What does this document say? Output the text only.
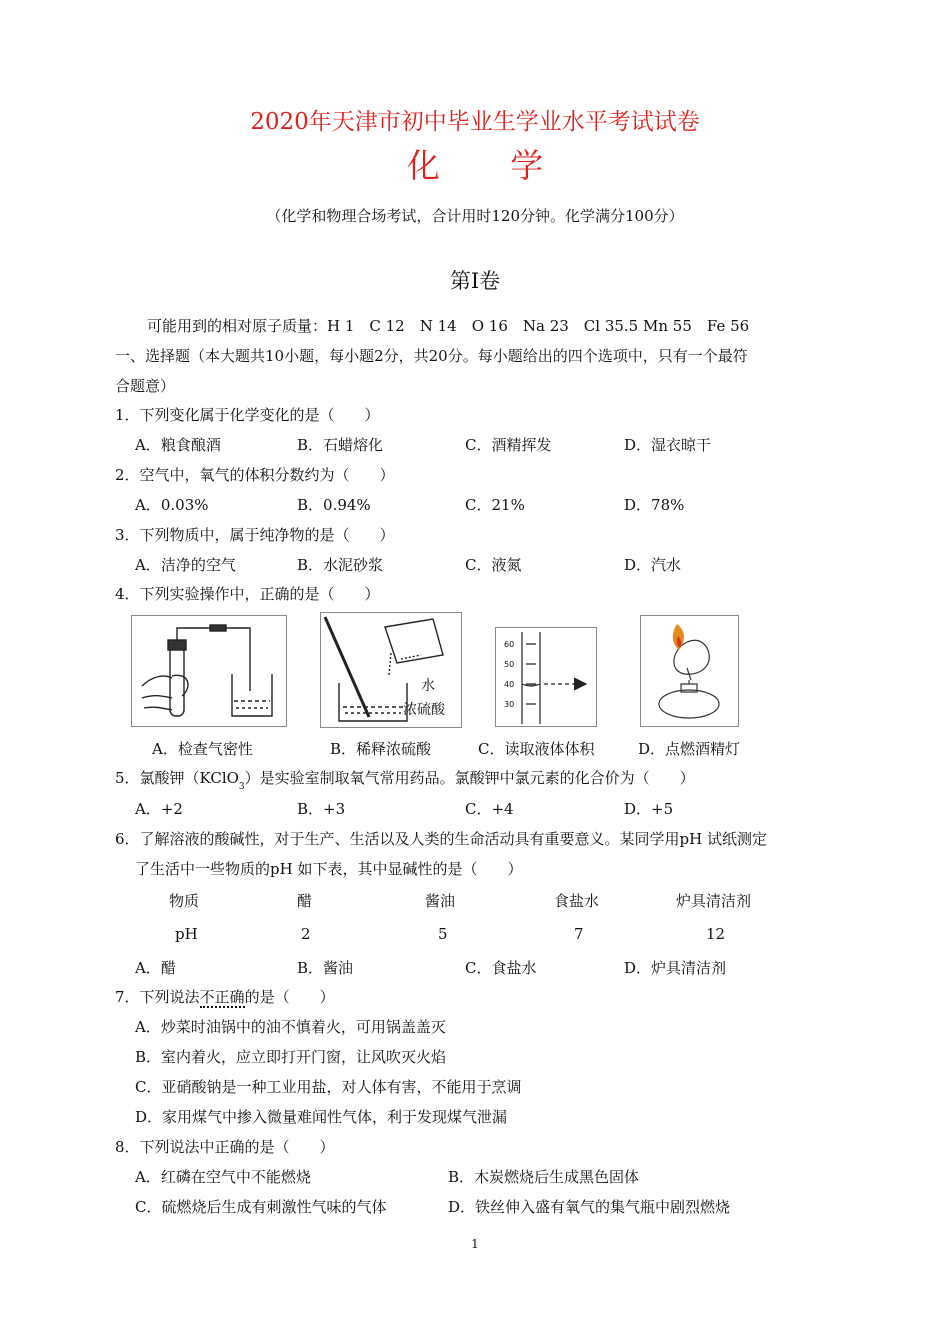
2020年天津市初中毕业生学业水平考试试卷
化 学
（化学和物理合场考试，合计用时120分钟。化学满分100分）
第Ⅰ卷
可能用到的相对原子质量：H 1　C 12　N 14　O 16　Na 23　Cl 35.5 Mn 55　Fe 56
一、选择题（本大题共10小题，每小题2分，共20分。每小题给出的四个选项中，只有一个最符
合题意）
1．下列变化属于化学变化的是（　　）
A．粮食酿酒	B．石蜡熔化	C．酒精挥发	D．湿衣晾干
2．空气中，氧气的体积分数约为（　　）
A．0.03%	B．0.94%	C．21%	D．78%
3．下列物质中，属于纯净物的是（　　）
A．洁净的空气	B．水泥砂浆	C．液氮	D．汽水
4．下列实验操作中，正确的是（　　）
水
浓硫酸
60
50
40
30
A．检查气密性	B．稀释浓硫酸	C．读取液体体积	D．点燃酒精灯
5．氯酸钾（KClO$_3$）是实验室制取氧气常用药品。氯酸钾中氯元素的化合价为（　　）
A．+2	B．+3	C．+4	D．+5
6．了解溶液的酸碱性，对于生产、生活以及人类的生命活动具有重要意义。某同学用pH 试纸测定
了生活中一些物质的pH 如下表，其中显碱性的是（　　）
物质	醋	酱油	食盐水	炉具清洁剂
pH	2	5	7	12
A．醋	B．酱油	C．食盐水	D．炉具清洁剂
7．下列说法不正确的是（　　）
A．炒菜时油锅中的油不慎着火，可用锅盖盖灭
B．室内着火，应立即打开门窗，让风吹灭火焰
C．亚硝酸钠是一种工业用盐，对人体有害，不能用于烹调
D．家用煤气中掺入微量难闻性气体，利于发现煤气泄漏
8．下列说法中正确的是（　　）
A．红磷在空气中不能燃烧	B．木炭燃烧后生成黑色固体
C．硫燃烧后生成有刺激性气味的气体	D．铁丝伸入盛有氧气的集气瓶中剧烈燃烧
1
